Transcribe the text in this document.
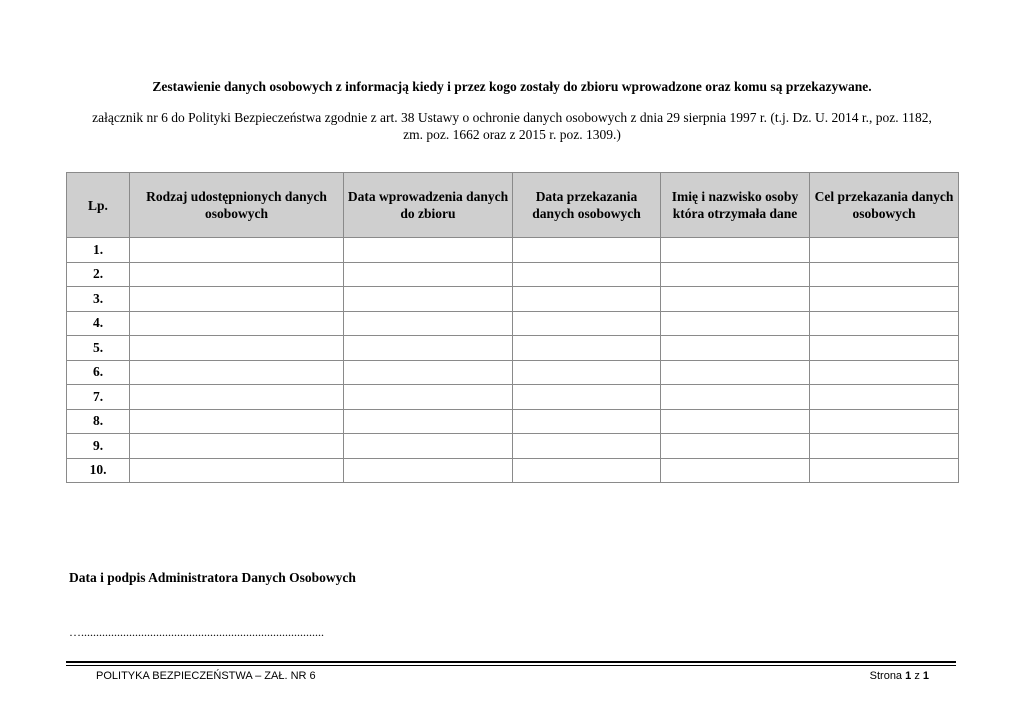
Zestawienie danych osobowych z informacją kiedy i przez kogo zostały do zbioru wprowadzone oraz komu są przekazywane.
załącznik nr 6 do Polityki Bezpieczeństwa zgodnie z art. 38 Ustawy o ochronie danych osobowych z dnia 29 sierpnia 1997 r. (t.j. Dz. U. 2014 r., poz. 1182,
zm. poz. 1662 oraz z 2015 r. poz. 1309.)
Lp.	Rodzaj udostępnionych danych osobowych	Data wprowadzenia danych do zbioru	Data przekazania danych osobowych	Imię i nazwisko osoby która otrzymała dane	Cel przekazania danych osobowych
1.					
2.					
3.					
4.					
5.					
6.					
7.					
8.					
9.					
10.					
Data i podpis Administratora Danych Osobowych
….................................................................................
POLITYKA BEZPIECZEŃSTWA – ZAŁ. NR 6	Strona 1 z 1
